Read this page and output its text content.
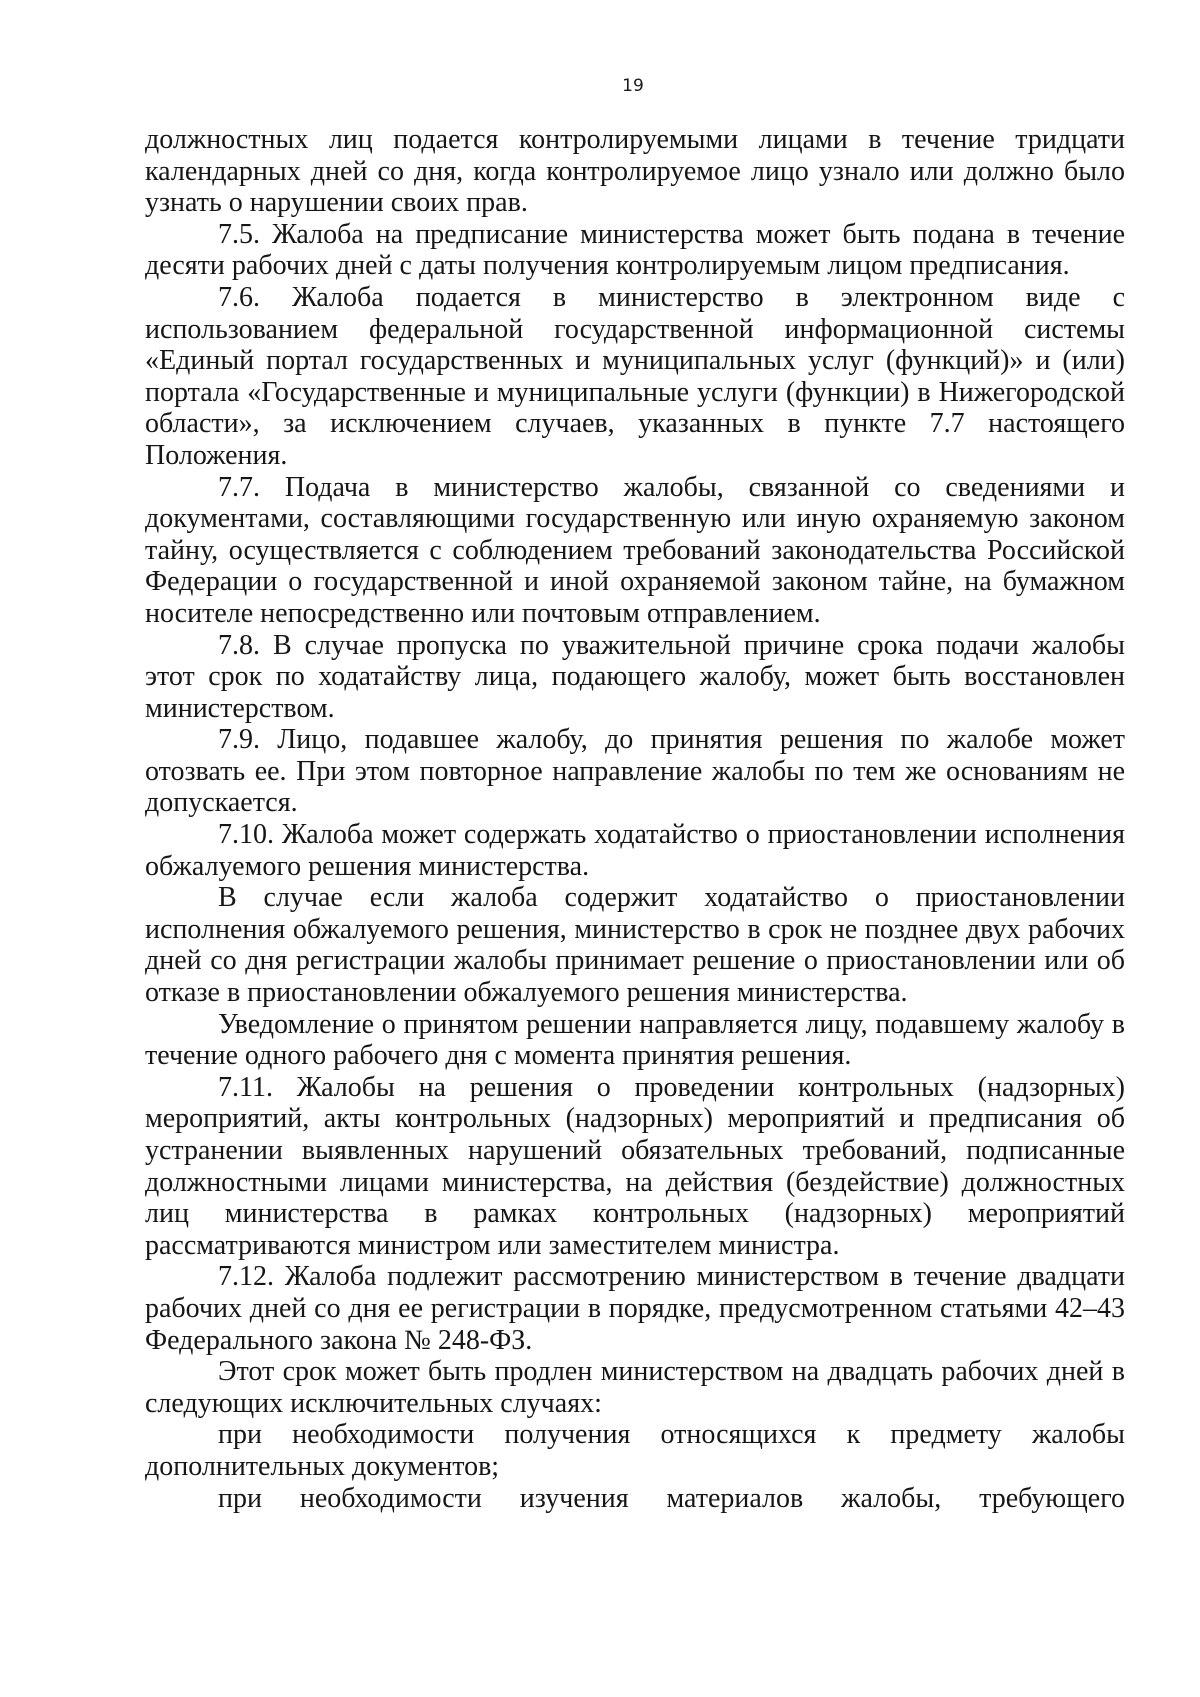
19

должностных лиц подается контролируемыми лицами в течение тридцати календарных дней со дня, когда контролируемое лицо узнало или должно было узнать о нарушении своих прав.

7.5. Жалоба на предписание министерства может быть подана в течение десяти рабочих дней с даты получения контролируемым лицом предписания.

7.6. Жалоба подается в министерство в электронном виде с использованием федеральной государственной информационной системы «Единый портал государственных и муниципальных услуг (функций)» и (или) портала «Государственные и муниципальные услуги (функции) в Нижегородской области», за исключением случаев, указанных в пункте 7.7 настоящего Положения.

7.7. Подача в министерство жалобы, связанной со сведениями и документами, составляющими государственную или иную охраняемую законом тайну, осуществляется с соблюдением требований законодательства Российской Федерации о государственной и иной охраняемой законом тайне, на бумажном носителе непосредственно или почтовым отправлением.

7.8. В случае пропуска по уважительной причине срока подачи жалобы этот срок по ходатайству лица, подающего жалобу, может быть восстановлен министерством.

7.9. Лицо, подавшее жалобу, до принятия решения по жалобе может отозвать ее. При этом повторное направление жалобы по тем же основаниям не допускается.

7.10. Жалоба может содержать ходатайство о приостановлении исполнения обжалуемого решения министерства.

В случае если жалоба содержит ходатайство о приостановлении исполнения обжалуемого решения, министерство в срок не позднее двух рабочих дней со дня регистрации жалобы принимает решение о приостановлении или об отказе в приостановлении обжалуемого решения министерства.

Уведомление о принятом решении направляется лицу, подавшему жалобу в течение одного рабочего дня с момента принятия решения.

7.11. Жалобы на решения о проведении контрольных (надзорных) мероприятий, акты контрольных (надзорных) мероприятий и предписания об устранении выявленных нарушений обязательных требований, подписанные должностными лицами министерства, на действия (бездействие) должностных лиц министерства в рамках контрольных (надзорных) мероприятий рассматриваются министром или заместителем министра.

7.12. Жалоба подлежит рассмотрению министерством в течение двадцати рабочих дней со дня ее регистрации в порядке, предусмотренном статьями 42–43 Федерального закона № 248-ФЗ.

Этот срок может быть продлен министерством на двадцать рабочих дней в следующих исключительных случаях:

при необходимости получения относящихся к предмету жалобы дополнительных документов;

при необходимости изучения материалов жалобы, требующего
